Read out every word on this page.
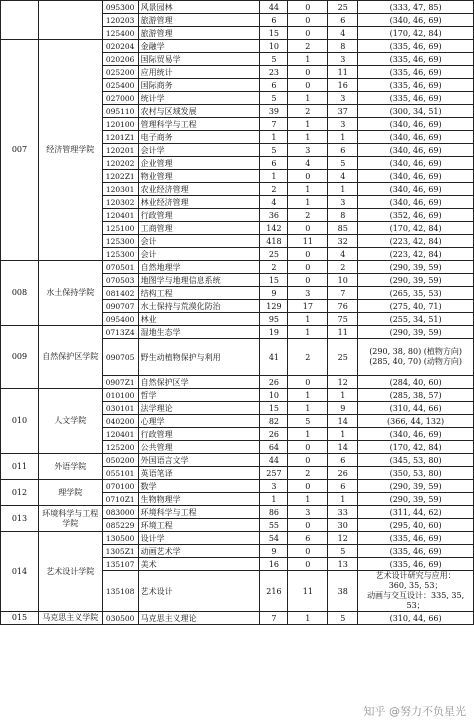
		095300	风景园林	44	0	25	(333, 47, 85)
		120203	旅游管理	6	0	6	(340, 46, 69)
		125400	旅游管理	15	0	4	(170, 42, 84)
007	经济管理学院	020204	金融学	10	2	8	(335, 46, 69)
		020206	国际贸易学	5	1	3	(335, 46, 69)
		025200	应用统计	23	0	11	(335, 46, 69)
		025400	国际商务	6	0	16	(335, 46, 69)
		027000	统计学	5	1	3	(335, 46, 69)
		095110	农村与区域发展	39	2	37	(300, 34, 51)
		120100	管理科学与工程	7	1	3	(340, 46, 69)
		1201Z1	电子商务	1	1	1	(340, 46, 69)
		120201	会计学	5	3	6	(340, 46, 69)
		120202	企业管理	6	4	5	(340, 46, 69)
		1202Z1	物业管理	1	0	4	(340, 46, 69)
		120301	农业经济管理	2	1	1	(340, 46, 69)
		120302	林业经济管理	4	1	3	(340, 46, 69)
		120401	行政管理	36	2	8	(352, 46, 69)
		125100	工商管理	142	0	85	(170, 42, 84)
		125300	会计	418	11	32	(223, 42, 84)
		125300	会计	25	0	4	(223, 42, 84)
008	水土保持学院	070501	自然地理学	2	0	2	(290, 39, 59)
		070503	地图学与地理信息系统	15	0	10	(290, 39, 59)
		081402	结构工程	9	3	7	(265, 35, 53)
		090707	水土保持与荒漠化防治	129	17	76	(275, 40, 71)
		095400	林业	95	1	75	(255, 34, 51)
009	自然保护区学院	0713Z4	湿地生态学	19	1	11	(290, 39, 59)
		090705	野生动植物保护与利用	41	2	25	(290, 38, 80) (植物方向)
(285, 40, 70) (动物方向)
		0907Z1	自然保护区学	26	0	12	(284, 40, 60)
010	人文学院	010100	哲学	10	1	1	(285, 38, 57)
		030101	法学理论	15	1	9	(310, 44, 66)
		040200	心理学	82	5	14	(366, 44, 132)
		120401	行政管理	26	1	1	(340, 46, 69)
		125200	公共管理	64	0	14	(170, 42, 84)
011	外语学院	050200	外国语言文学	44	0	6	(345, 53, 80)
		055101	英语笔译	257	2	26	(350, 53, 80)
012	理学院	070100	数学	3	0	6	(290, 39, 59)
		0710Z1	生物物理学	1	1	1	(290, 39, 59)
013	环境科学与工程学院	083000	环境科学与工程	86	3	33	(311, 44, 62)
		085229	环境工程	55	0	30	(295, 40, 60)
014	艺术设计学院	130500	设计学	54	6	12	(335, 46, 69)
		1305Z1	动画艺术学	9	0	5	(335, 46, 69)
		135107	美术	16	0	13	(335, 46, 69)
		135108	艺术设计	216	11	38	艺术设计研究与应用：
360, 35, 53；
动画与交互设计：335, 35, 53；
015	马克思主义学院	030500	马克思主义理论	7	1	5	(310, 44, 66)
知乎 @努力不负星光
